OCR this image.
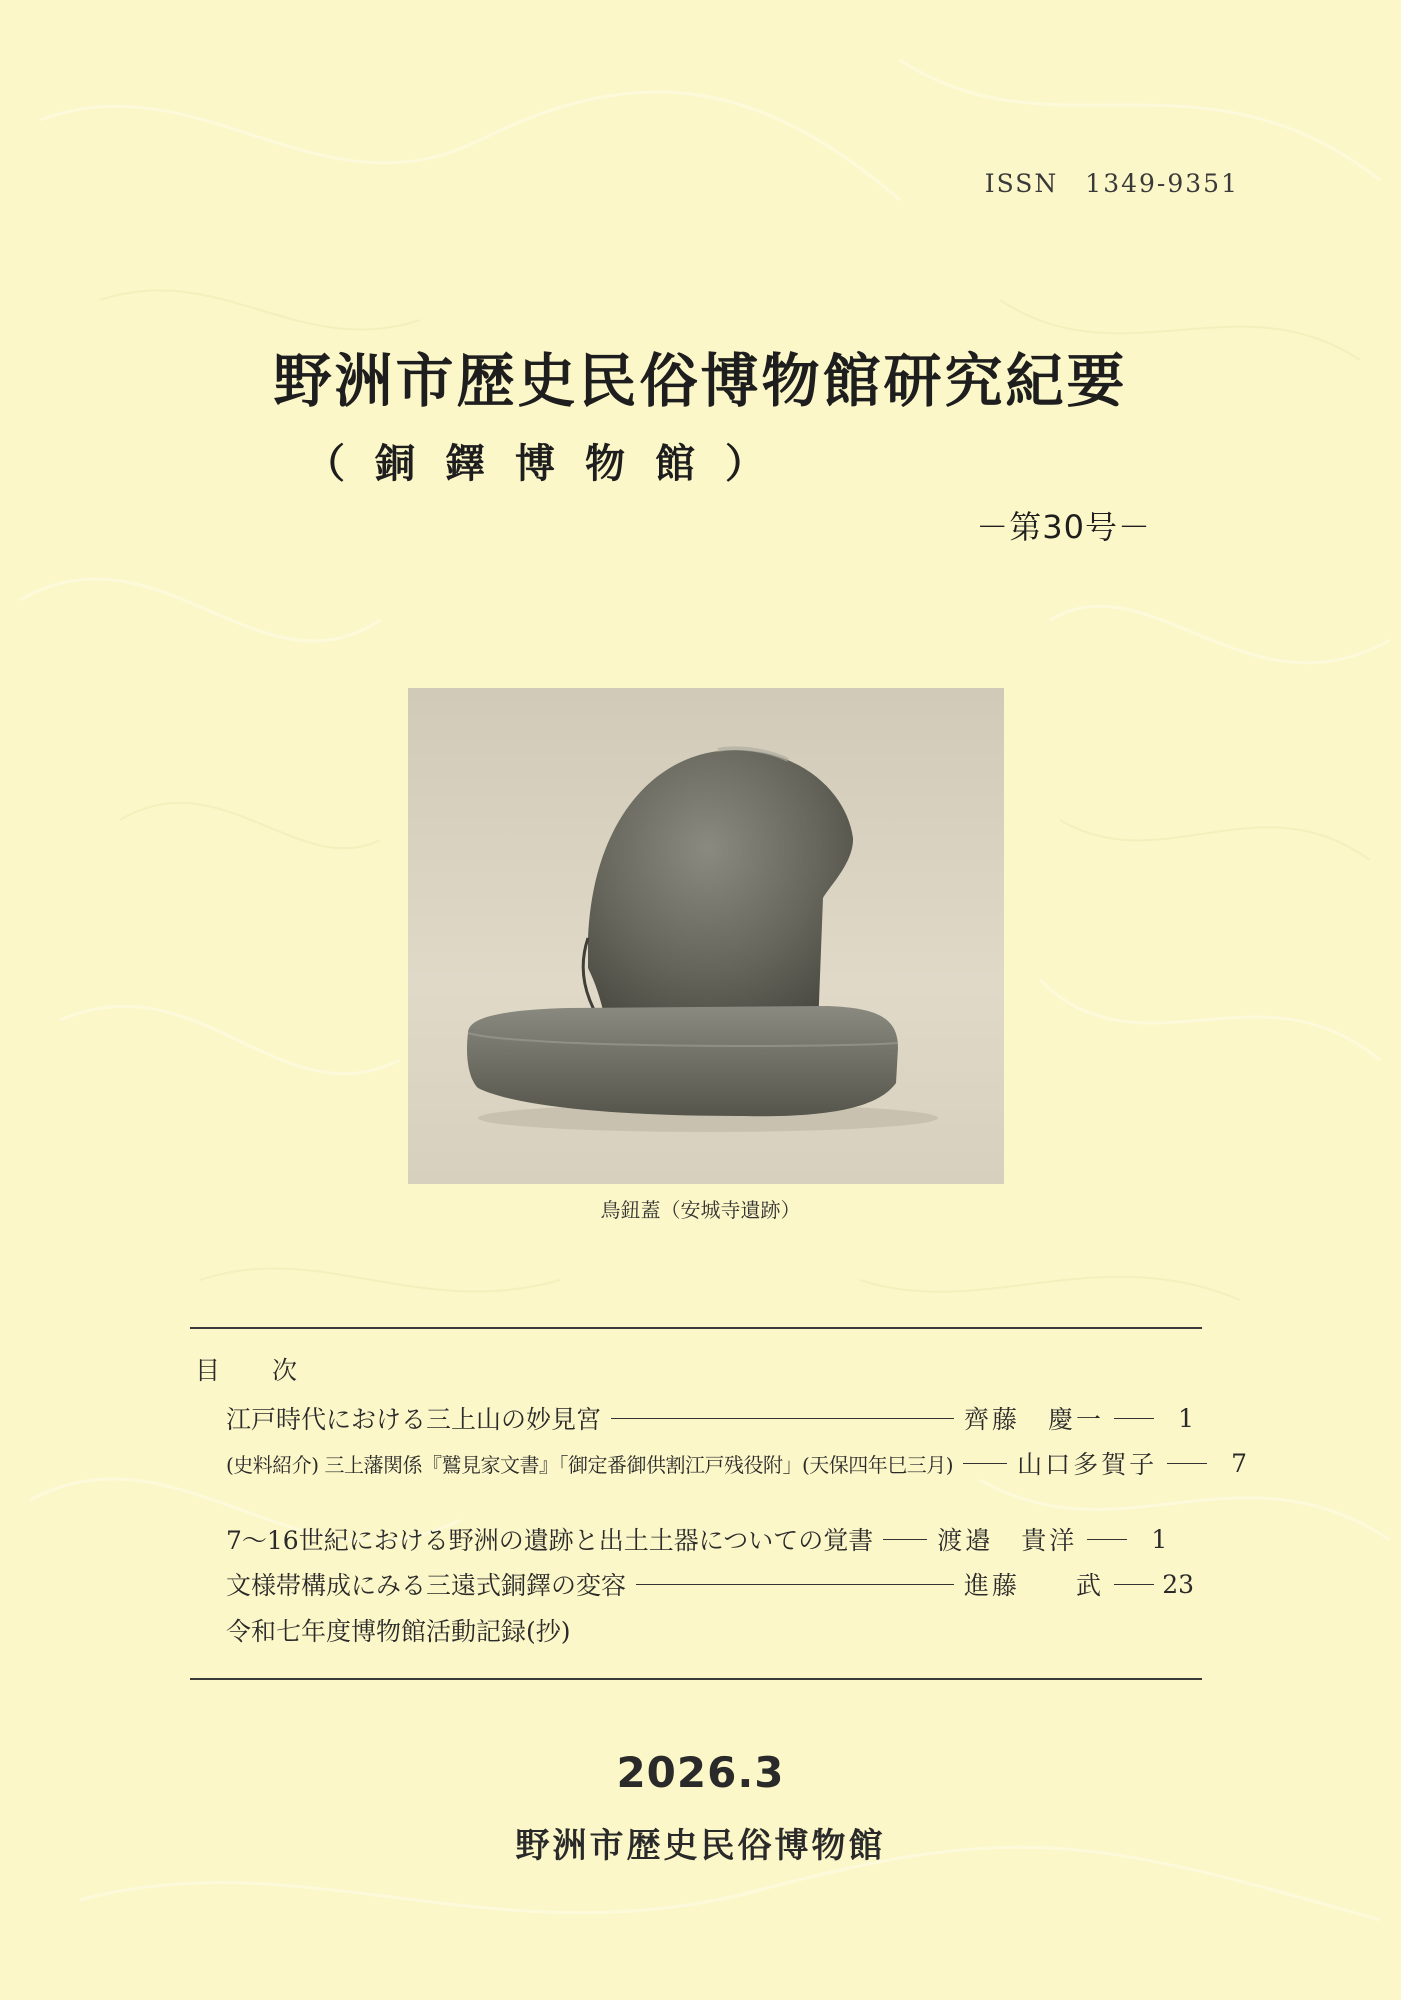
ISSN　1349-9351
野洲市歴史民俗博物館研究紀要
（銅鐸博物館）
－第30号－
鳥鈕蓋（安城寺遺跡）
目 次
江戸時代における三上山の妙見宮	齊藤　慶一	1
(史料紹介) 三上藩関係『鷲見家文書』「御定番御供割江戸残役附」(天保四年巳三月)	山口多賀子	7
7～16世紀における野洲の遺跡と出土土器についての覚書	渡邉　貴洋	1
文様帯構成にみる三遠式銅鐸の変容	進藤　　武 23
令和七年度博物館活動記録(抄)
2026.3
野洲市歴史民俗博物館
